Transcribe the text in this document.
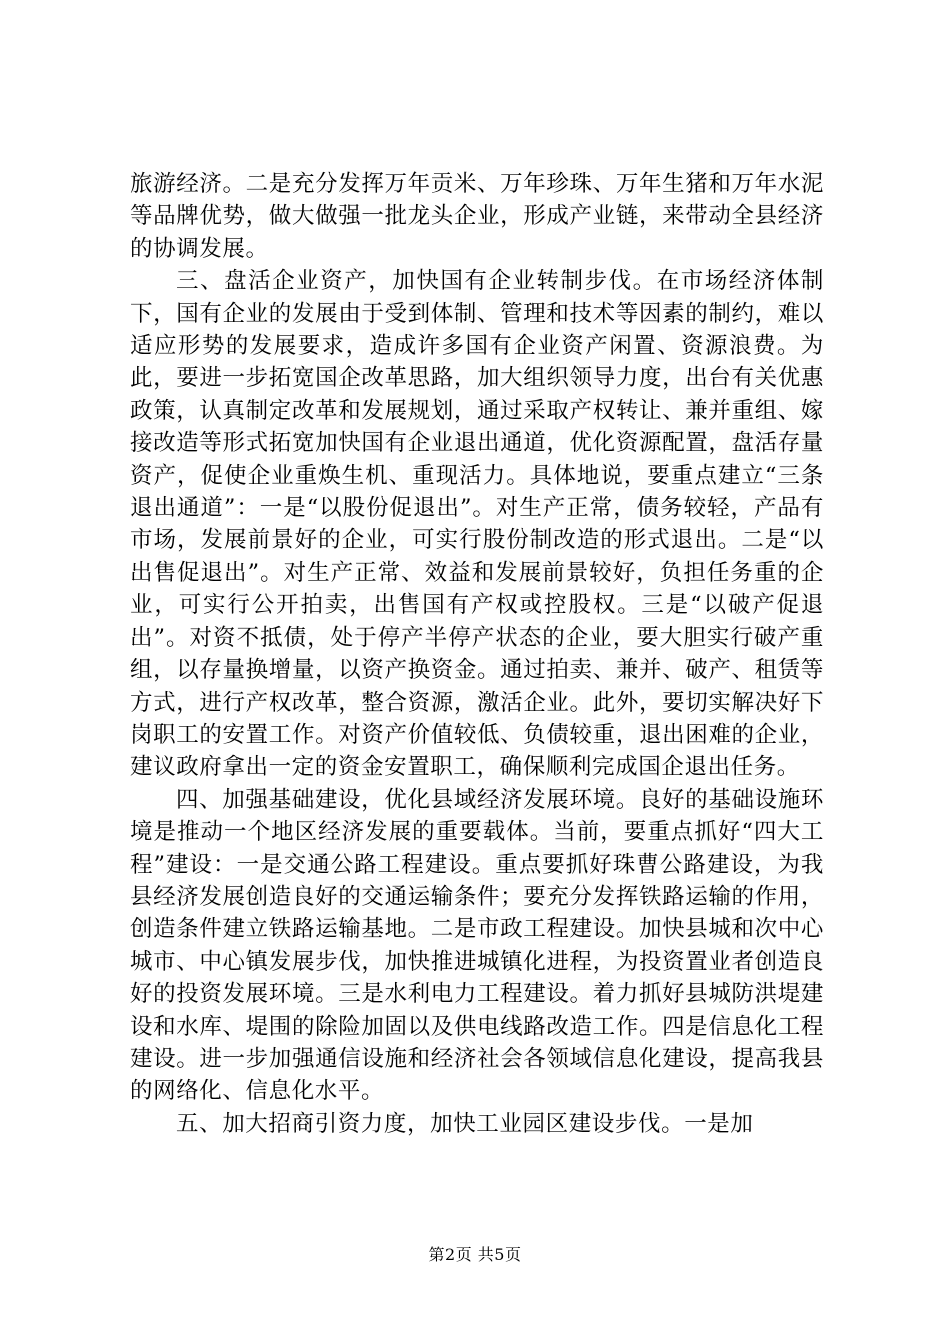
旅游经济。二是充分发挥万年贡米、万年珍珠、万年生猪和万年水泥等品牌优势，做大做强一批龙头企业，形成产业链，来带动全县经济的协调发展。

三、盘活企业资产，加快国有企业转制步伐。在市场经济体制下，国有企业的发展由于受到体制、管理和技术等因素的制约，难以适应形势的发展要求，造成许多国有企业资产闲置、资源浪费。为此，要进一步拓宽国企改革思路，加大组织领导力度，出台有关优惠政策，认真制定改革和发展规划，通过采取产权转让、兼并重组、嫁接改造等形式拓宽加快国有企业退出通道，优化资源配置，盘活存量资产，促使企业重焕生机、重现活力。具体地说，要重点建立“三条退出通道”：一是“以股份促退出”。对生产正常，债务较轻，产品有市场，发展前景好的企业，可实行股份制改造的形式退出。二是“以出售促退出”。对生产正常、效益和发展前景较好，负担任务重的企业，可实行公开拍卖，出售国有产权或控股权。三是“以破产促退出”。对资不抵债，处于停产半停产状态的企业，要大胆实行破产重组，以存量换增量，以资产换资金。通过拍卖、兼并、破产、租赁等方式，进行产权改革，整合资源，激活企业。此外，要切实解决好下岗职工的安置工作。对资产价值较低、负债较重，退出困难的企业，建议政府拿出一定的资金安置职工，确保顺利完成国企退出任务。

四、加强基础建设，优化县域经济发展环境。良好的基础设施环境是推动一个地区经济发展的重要载体。当前，要重点抓好“四大工程”建设：一是交通公路工程建设。重点要抓好珠曹公路建设，为我县经济发展创造良好的交通运输条件；要充分发挥铁路运输的作用，创造条件建立铁路运输基地。二是市政工程建设。加快县城和次中心城市、中心镇发展步伐，加快推进城镇化进程，为投资置业者创造良好的投资发展环境。三是水利电力工程建设。着力抓好县城防洪堤建设和水库、堤围的除险加固以及供电线路改造工作。四是信息化工程建设。进一步加强通信设施和经济社会各领域信息化建设，提高我县的网络化、信息化水平。

五、加大招商引资力度，加快工业园区建设步伐。一是加

第2页 共5页
